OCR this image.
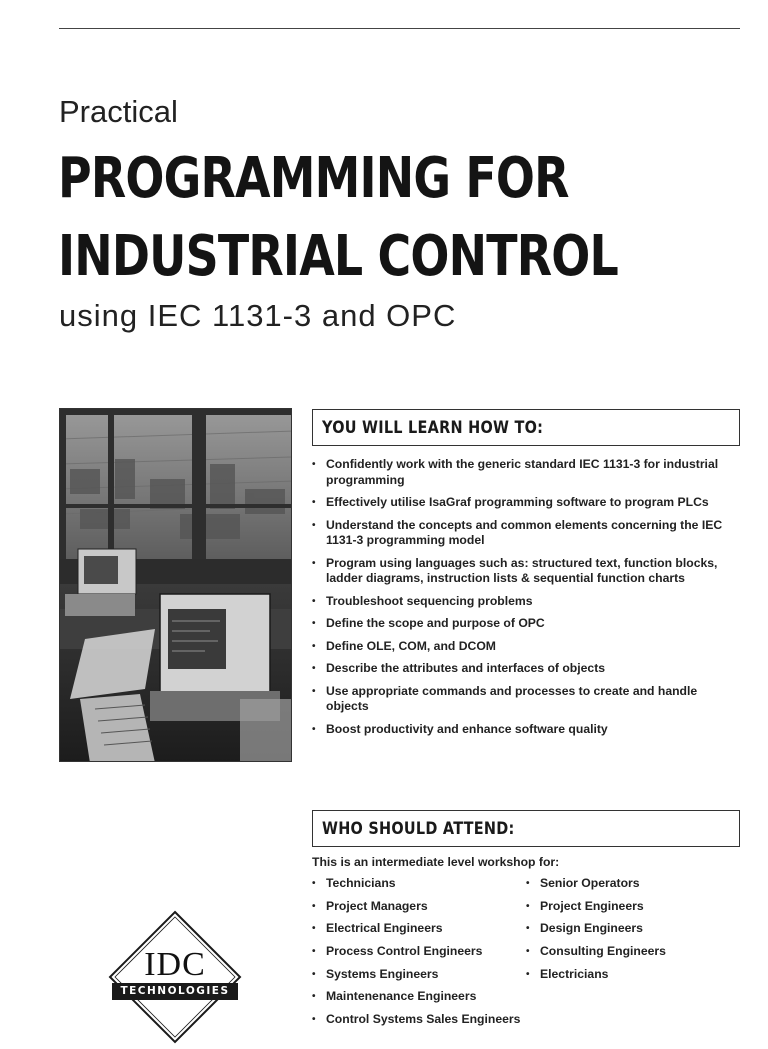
Practical
PROGRAMMING FOR
INDUSTRIAL CONTROL
using IEC 1131-3 and OPC
YOU WILL LEARN HOW TO:
• Confidently work with the generic standard IEC 1131-3 for industrial programming
• Effectively utilise IsaGraf programming software to program PLCs
• Understand the concepts and common elements concerning the IEC 1131-3 programming model
• Program using languages such as: structured text, function blocks, ladder diagrams, instruction lists & sequential function charts
• Troubleshoot sequencing problems
• Define the scope and purpose of OPC
• Define OLE, COM, and DCOM
• Describe the attributes and interfaces of objects
• Use appropriate commands and processes to create and handle objects
• Boost productivity and enhance software quality
WHO SHOULD ATTEND:
This is an intermediate level workshop for:
• Technicians
• Project Managers
• Electrical Engineers
• Process Control Engineers
• Systems Engineers
• Maintenenance Engineers
• Control Systems Sales Engineers
• Senior Operators
• Project Engineers
• Design Engineers
• Consulting Engineers
• Electricians
IDC
TECHNOLOGIES
